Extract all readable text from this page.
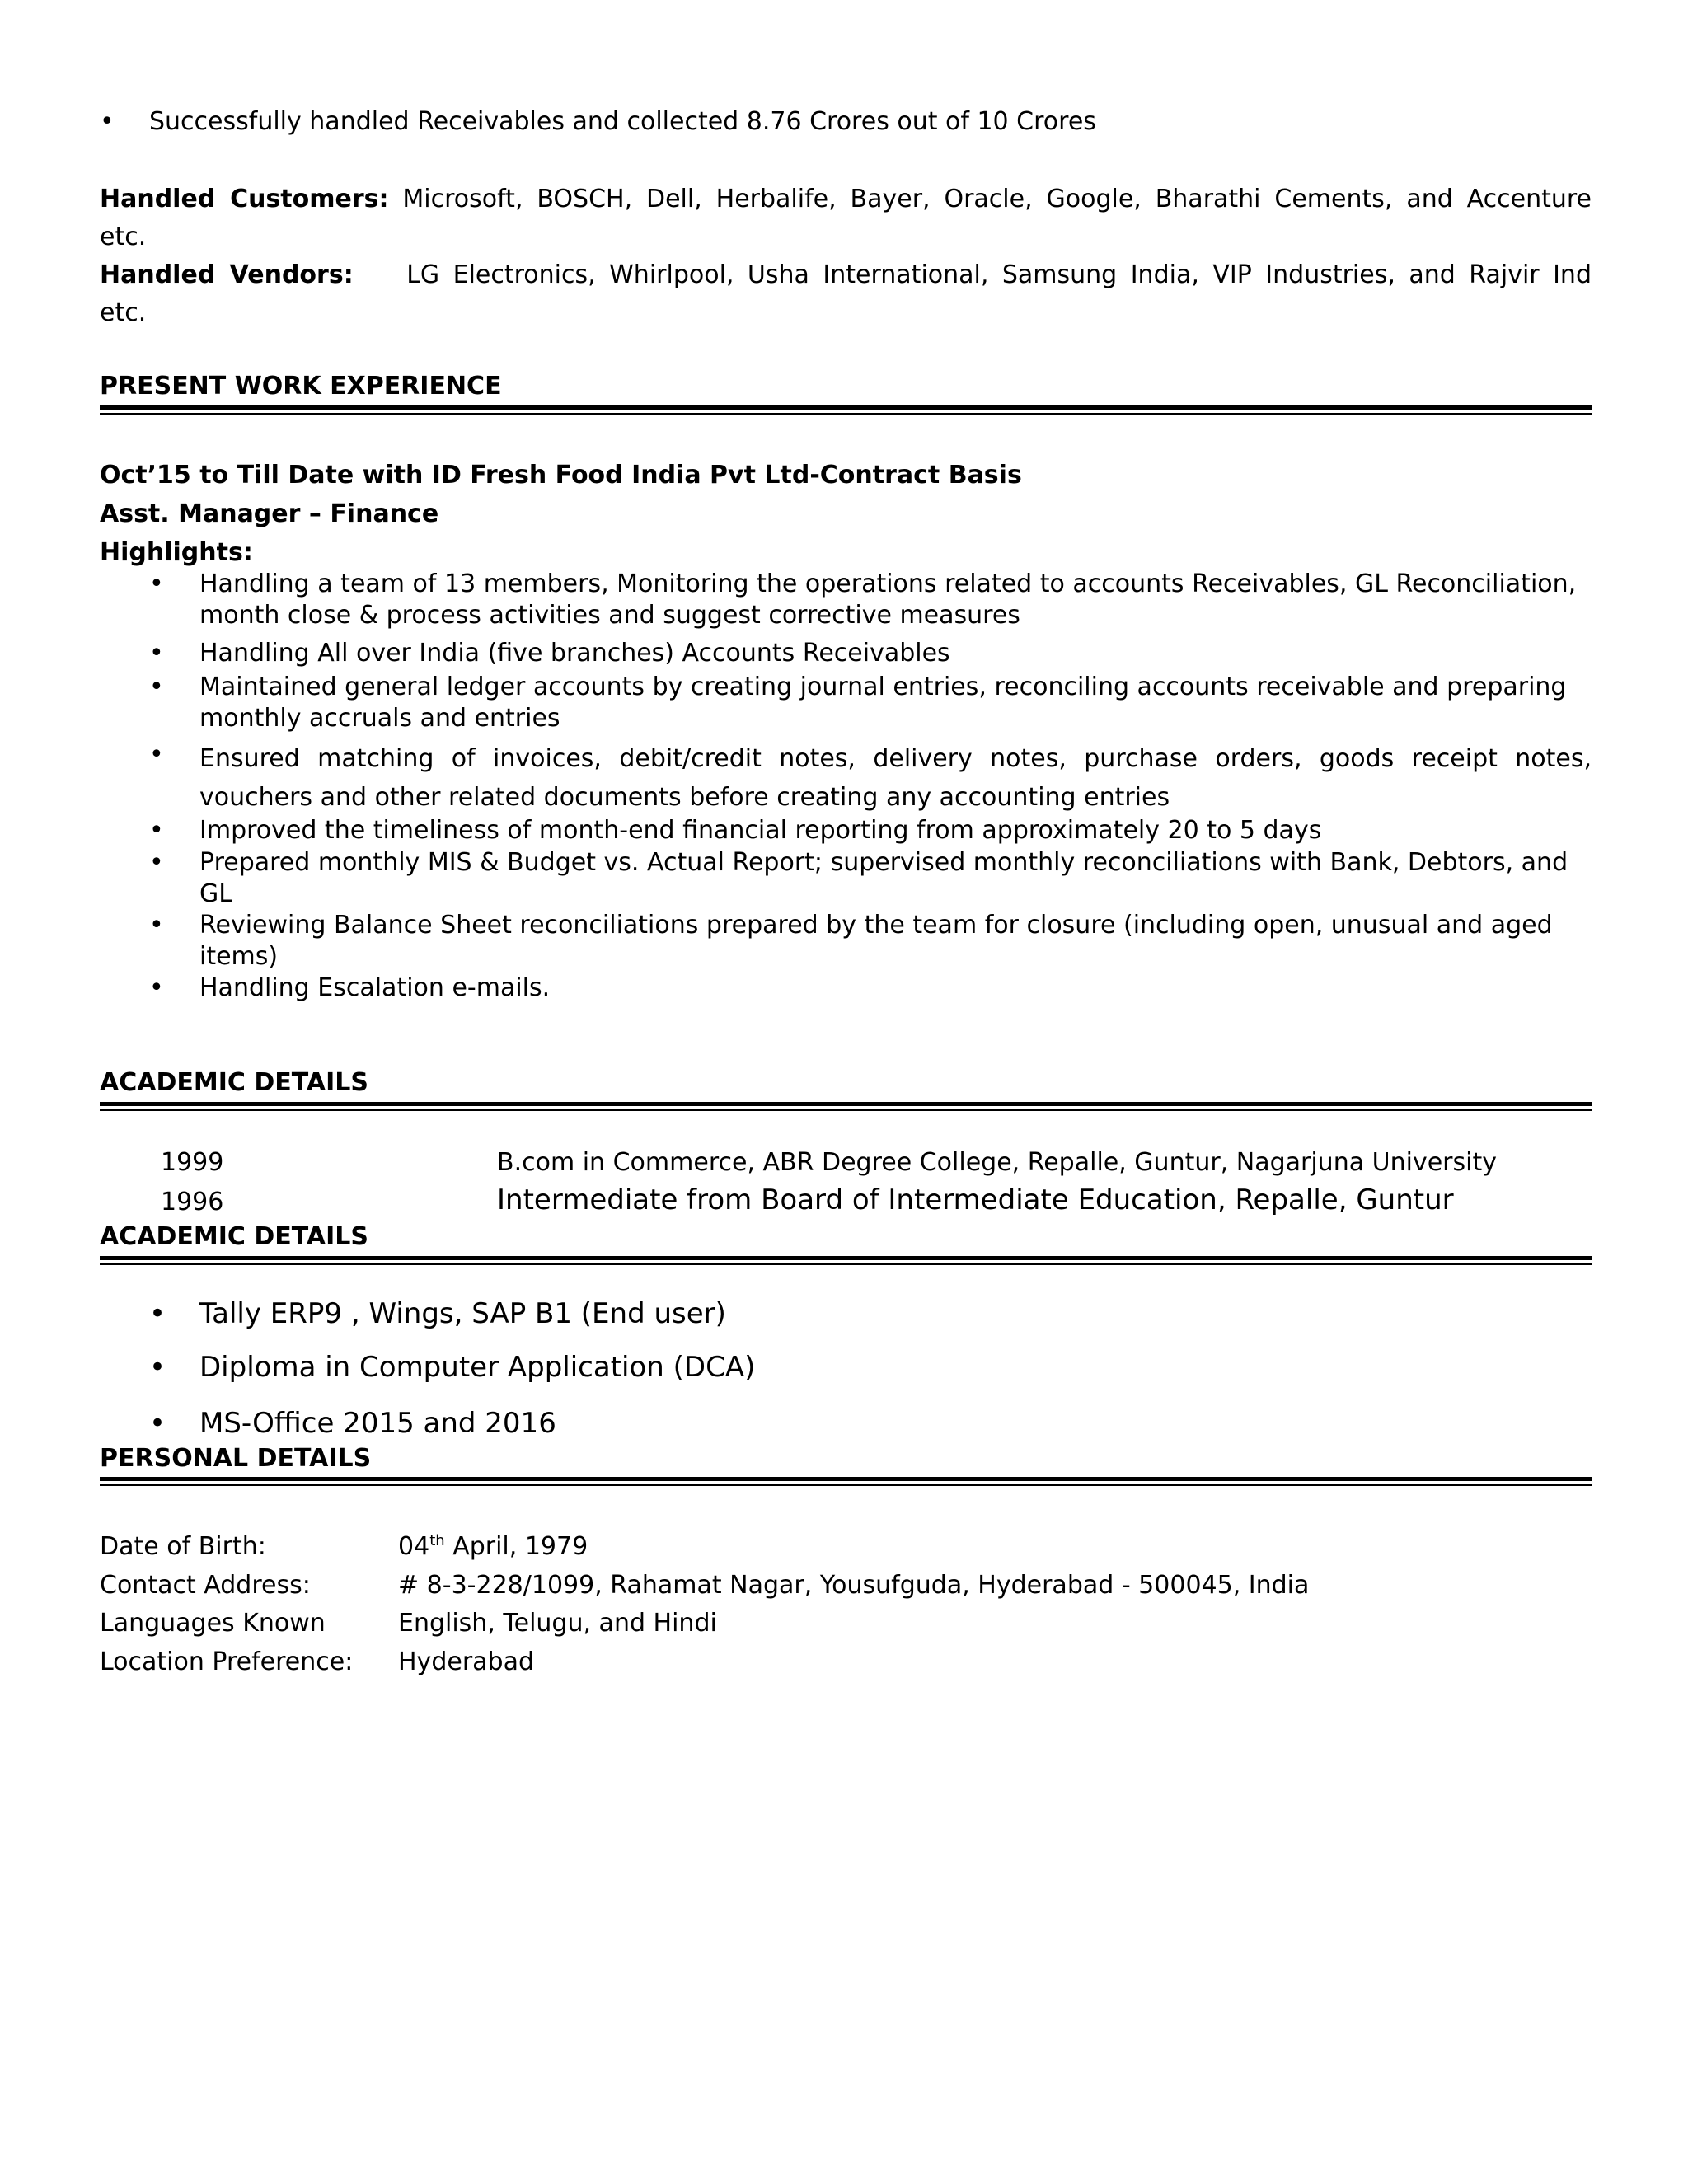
• Successfully handled Receivables and collected 8.76 Crores out of 10 Crores
Handled Customers: Microsoft, BOSCH, Dell, Herbalife, Bayer, Oracle, Google, Bharathi Cements, and Accenture
etc.
Handled Vendors: LG Electronics, Whirlpool, Usha International, Samsung India, VIP Industries, and Rajvir Ind
etc.
PRESENT WORK EXPERIENCE
Oct’15 to Till Date with ID Fresh Food India Pvt Ltd-Contract Basis
Asst. Manager – Finance
Highlights:
• Handling a team of 13 members, Monitoring the operations related to accounts Receivables, GL Reconciliation, month close & process activities and suggest corrective measures
• Handling All over India (five branches) Accounts Receivables
• Maintained general ledger accounts by creating journal entries, reconciling accounts receivable and preparing monthly accruals and entries
• Ensured matching of invoices, debit/credit notes, delivery notes, purchase orders, goods receipt notes, vouchers and other related documents before creating any accounting entries
• Improved the timeliness of month-end financial reporting from approximately 20 to 5 days
• Prepared monthly MIS & Budget vs. Actual Report; supervised monthly reconciliations with Bank, Debtors, and GL
• Reviewing Balance Sheet reconciliations prepared by the team for closure (including open, unusual and aged items)
• Handling Escalation e-mails.
ACADEMIC DETAILS
1999	B.com in Commerce, ABR Degree College, Repalle, Guntur, Nagarjuna University
1996	Intermediate from Board of Intermediate Education, Repalle, Guntur
ACADEMIC DETAILS
• Tally ERP9 , Wings, SAP B1 (End user)
• Diploma in Computer Application (DCA)
• MS-Office 2015 and 2016
PERSONAL DETAILS
Date of Birth:	04th April, 1979
Contact Address:	# 8-3-228/1099, Rahamat Nagar, Yousufguda, Hyderabad - 500045, India
Languages Known	English, Telugu, and Hindi
Location Preference: Hyderabad
